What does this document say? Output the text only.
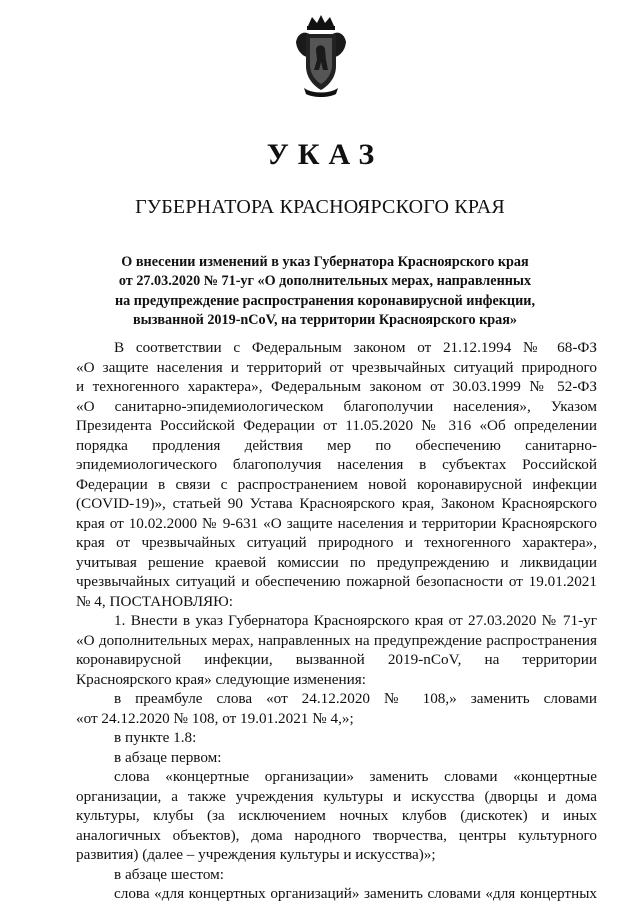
УКАЗ
ГУБЕРНАТОРА КРАСНОЯРСКОГО КРАЯ
О внесении изменений в указ Губернатора Красноярского края
от 27.03.2020 № 71-уг «О дополнительных мерах, направленных
на предупреждение распространения коронавирусной инфекции,
вызванной 2019-nCoV, на территории Красноярского края»
В соответствии с Федеральным законом от 21.12.1994 № 68-ФЗ
«О защите населения и территорий от чрезвычайных ситуаций природного
и техногенного характера», Федеральным законом от 30.03.1999 № 52-ФЗ
«О санитарно-эпидемиологическом благополучии населения», Указом
Президента Российской Федерации от 11.05.2020 № 316 «Об определении
порядка продления действия мер по обеспечению санитарно-
эпидемиологического благополучия населения в субъектах Российской
Федерации в связи с распространением новой коронавирусной инфекции
(COVID-19)», статьей 90 Устава Красноярского края, Законом Красноярского
края от 10.02.2000 № 9-631 «О защите населения и территории Красноярского
края от чрезвычайных ситуаций природного и техногенного характера»,
учитывая решение краевой комиссии по предупреждению и ликвидации
чрезвычайных ситуаций и обеспечению пожарной безопасности от 19.01.2021
№ 4, ПОСТАНОВЛЯЮ:
1. Внести в указ Губернатора Красноярского края от 27.03.2020 № 71-уг
«О дополнительных мерах, направленных на предупреждение распространения
коронавирусной инфекции, вызванной 2019-nCoV, на территории
Красноярского края» следующие изменения:
в преамбуле слова «от 24.12.2020 № 108,» заменить словами
«от 24.12.2020 № 108, от 19.01.2021 № 4,»;
в пункте 1.8:
в абзаце первом:
слова «концертные организации» заменить словами «концертные
организации, а также учреждения культуры и искусства (дворцы и дома
культуры, клубы (за исключением ночных клубов (дискотек) и иных
аналогичных объектов), дома народного творчества, центры культурного
развития) (далее – учреждения культуры и искусства)»;
в абзаце шестом:
слова «для концертных организаций» заменить словами «для концертных
